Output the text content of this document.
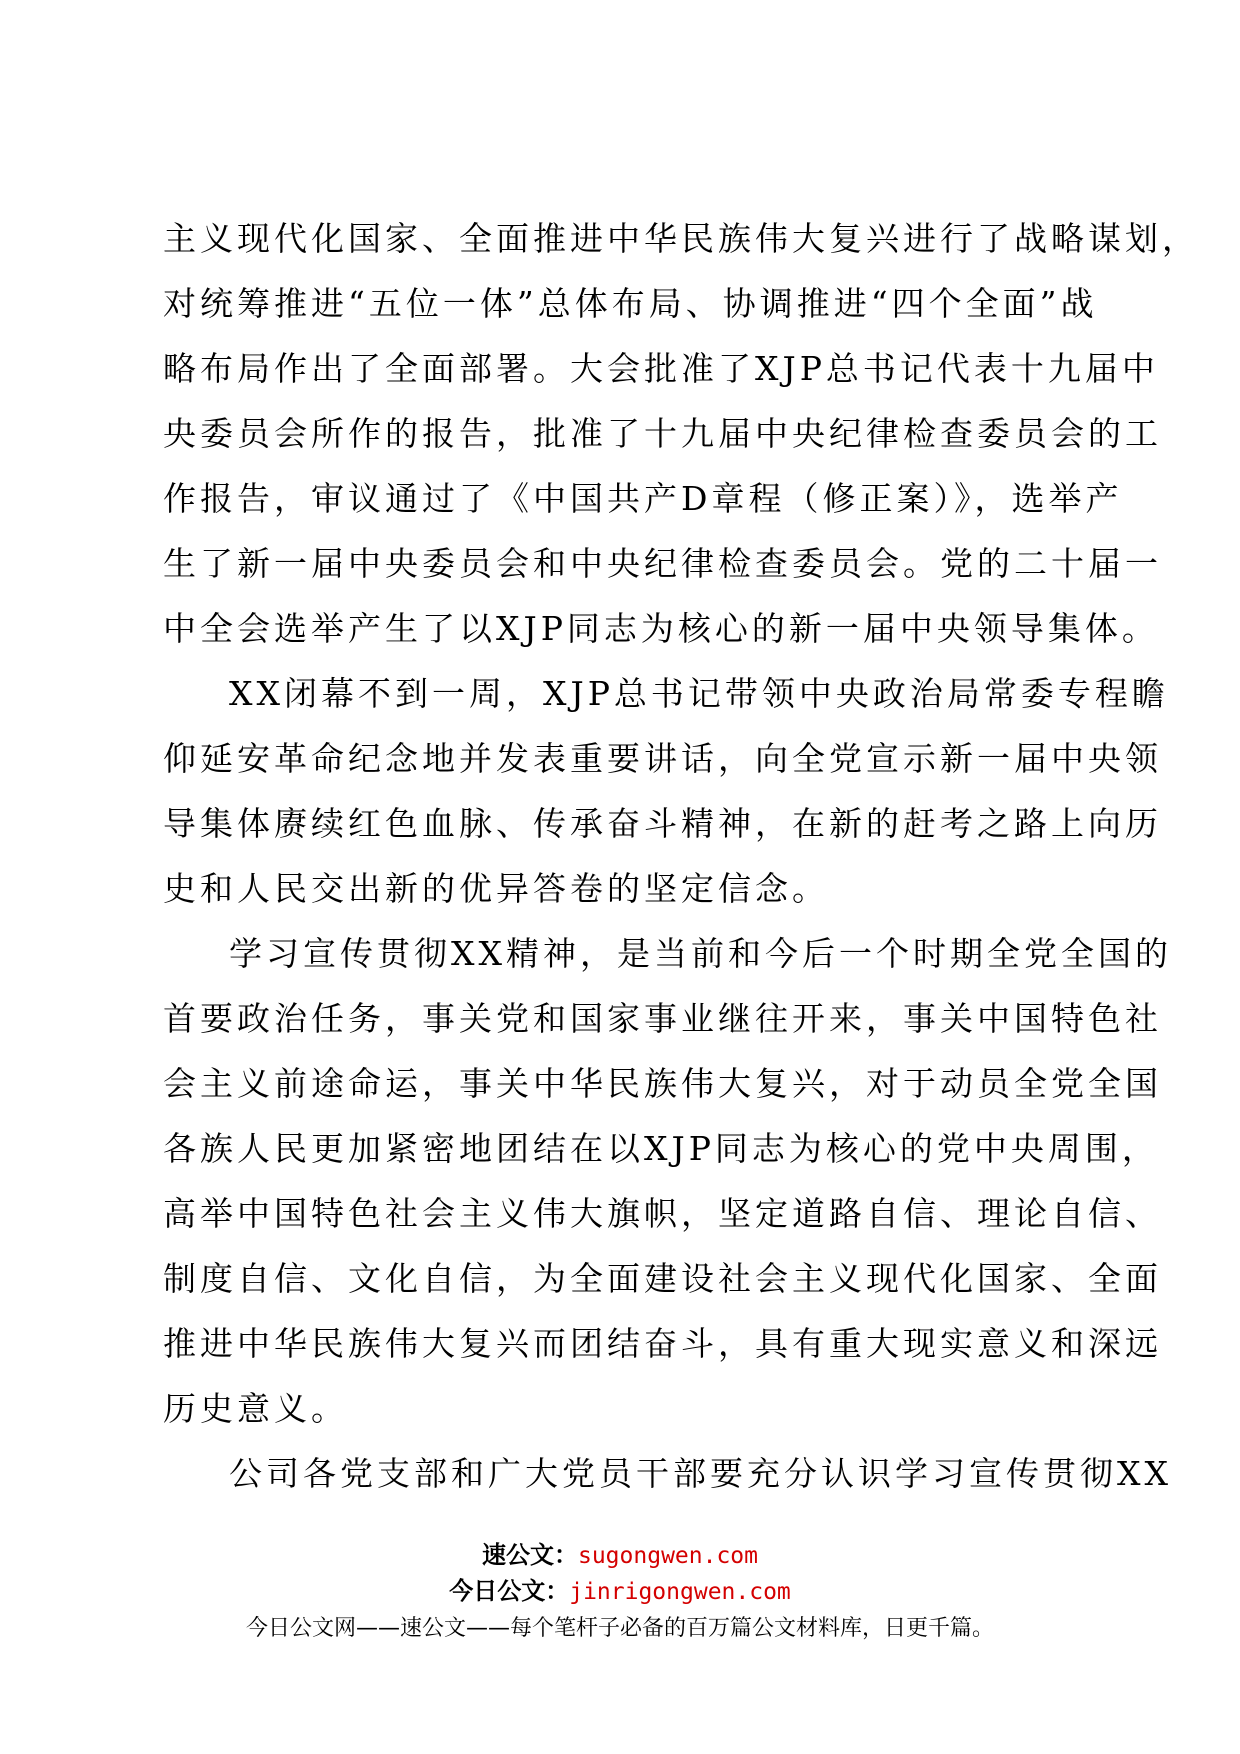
主义现代化国家、全面推进中华民族伟大复兴进行了战略谋划，
对统筹推进“五位一体”总体布局、协调推进“四个全面”战
略布局作出了全面部署。大会批准了XJP总书记代表十九届中
央委员会所作的报告，批准了十九届中央纪律检查委员会的工
作报告，审议通过了《中国共产D章程（修正案）》，选举产
生了新一届中央委员会和中央纪律检查委员会。党的二十届一
中全会选举产生了以XJP同志为核心的新一届中央领导集体。
XX闭幕不到一周，XJP总书记带领中央政治局常委专程瞻
仰延安革命纪念地并发表重要讲话，向全党宣示新一届中央领
导集体赓续红色血脉、传承奋斗精神，在新的赶考之路上向历
史和人民交出新的优异答卷的坚定信念。
学习宣传贯彻XX精神，是当前和今后一个时期全党全国的
首要政治任务，事关党和国家事业继往开来，事关中国特色社
会主义前途命运，事关中华民族伟大复兴，对于动员全党全国
各族人民更加紧密地团结在以XJP同志为核心的党中央周围，
高举中国特色社会主义伟大旗帜，坚定道路自信、理论自信、
制度自信、文化自信，为全面建设社会主义现代化国家、全面
推进中华民族伟大复兴而团结奋斗，具有重大现实意义和深远
历史意义。
公司各党支部和广大党员干部要充分认识学习宣传贯彻XX
速公文：sugongwen.com
今日公文：jinrigongwen.com
今日公文网——速公文——每个笔杆子必备的百万篇公文材料库，日更千篇。
